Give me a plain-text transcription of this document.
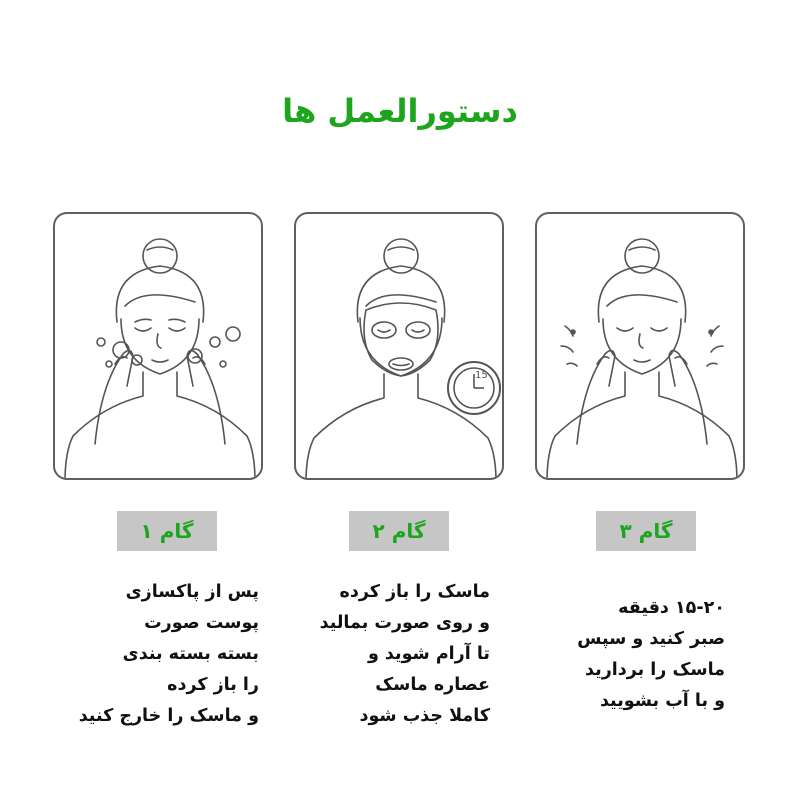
دستورالعمل ها
15
گام ۱	گام ۲	گام ۳
پس از پاکسازی
پوست صورت
بسته بسته بندی
را باز کرده
و ماسک را خارج کنید
ماسک را باز کرده
و روی صورت بمالید
تا آرام شوید و
عصاره ماسک
کاملا جذب شود
۱۵-۲۰ دقیقه
صبر کنید و سپس
ماسک را بردارید
و با آب بشویید
